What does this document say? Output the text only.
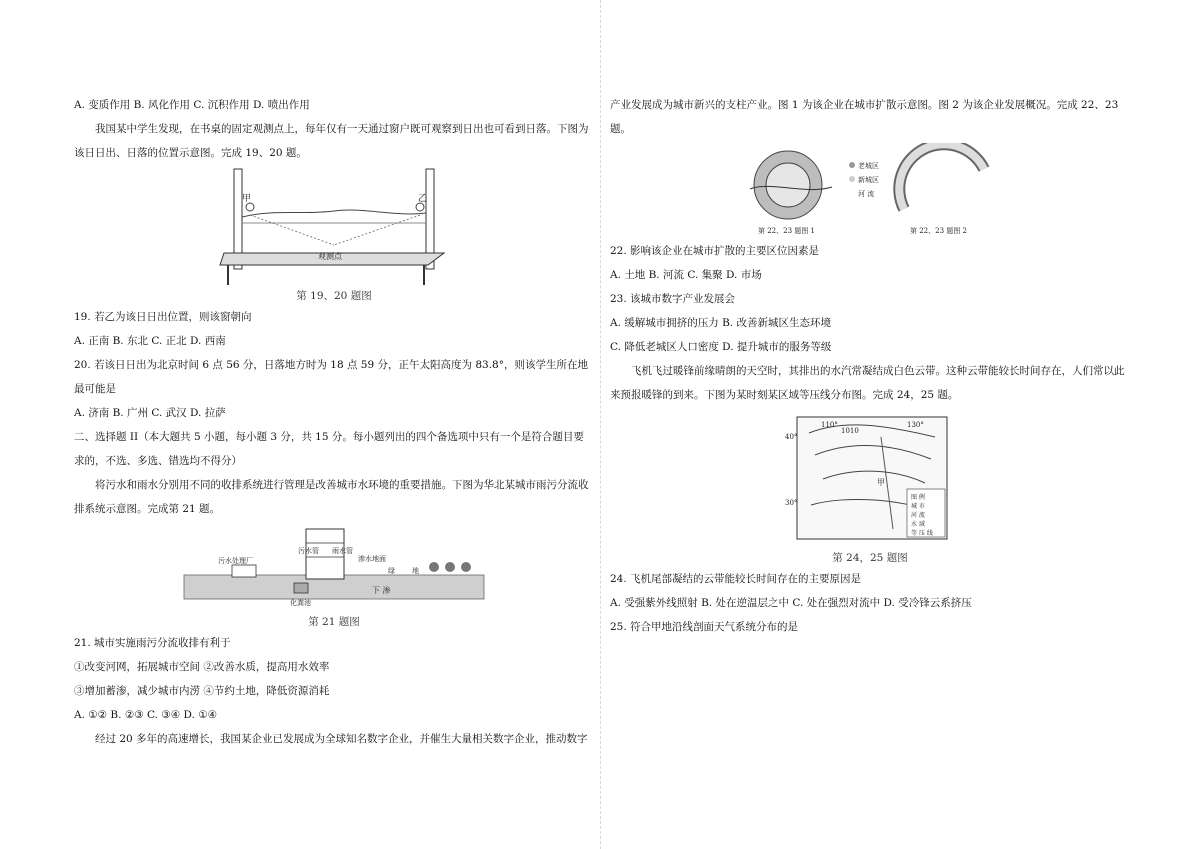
A. 变质作用 B. 风化作用 C. 沉积作用 D. 喷出作用

我国某中学生发现，在书桌的固定观测点上，每年仅有一天通过窗户既可观察到日出也可看到日落。下图为该日日出、日落的位置示意图。完成 19、20 题。

甲	乙
观测点
第 19、20 题图

19. 若乙为该日日出位置，则该窗朝向

A. 正南 B. 东北 C. 正北 D. 西南

20. 若该日日出为北京时间 6 点 56 分，日落地方时为 18 点 59 分，正午太阳高度为 83.8°，则该学生所在地最可能是

A. 济南 B. 广州 C. 武汉 D. 拉萨

二、选择题 II（本大题共 5 小题，每小题 3 分，共 15 分。每小题列出的四个备选项中只有一个是符合题目要求的，不选、多选、错选均不得分）

将污水和雨水分别用不同的收排系统进行管理是改善城市水环境的重要措施。下图为华北某城市雨污分流收排系统示意图。完成第 21 题。

污水处理厂
污水管 雨水管
渗水地面
绿 地
化粪池
下 渗
第 21 题图

21. 城市实施雨污分流收排有利于

①改变河网，拓展城市空间 ②改善水质，提高用水效率

③增加蓄渗，减少城市内涝 ④节约土地，降低资源消耗

A. ①② B. ②③ C. ③④ D. ①④

经过 20 多年的高速增长，我国某企业已发展成为全球知名数字企业，并催生大量相关数字企业，推动数字

产业发展成为城市新兴的支柱产业。图 1 为该企业在城市扩散示意图。图 2 为该企业发展概况。完成 22、23 题。

老城区
新城区
河 流
第 22、23 题图 1	第 22、23 题图 2

22. 影响该企业在城市扩散的主要区位因素是

A. 土地 B. 河流 C. 集聚 D. 市场

23. 该城市数字产业发展会

A. 缓解城市拥挤的压力 B. 改善新城区生态环境

C. 降低老城区人口密度 D. 提升城市的服务等级

飞机飞过暖锋前缘晴朗的天空时，其排出的水汽常凝结成白色云带。这种云带能较长时间存在，人们常以此来预报暖锋的到来。下图为某时刻某区域等压线分布图。完成 24，25 题。

110°	130°
40°
30°
1010
甲
图 例
城 市
河 流
水 域
等 压 线
第 24，25 题图

24. 飞机尾部凝结的云带能较长时间存在的主要原因是

A. 受强紫外线照射 B. 处在逆温层之中 C. 处在强烈对流中 D. 受冷锋云系挤压

25. 符合甲地沿线剖面天气系统分布的是
